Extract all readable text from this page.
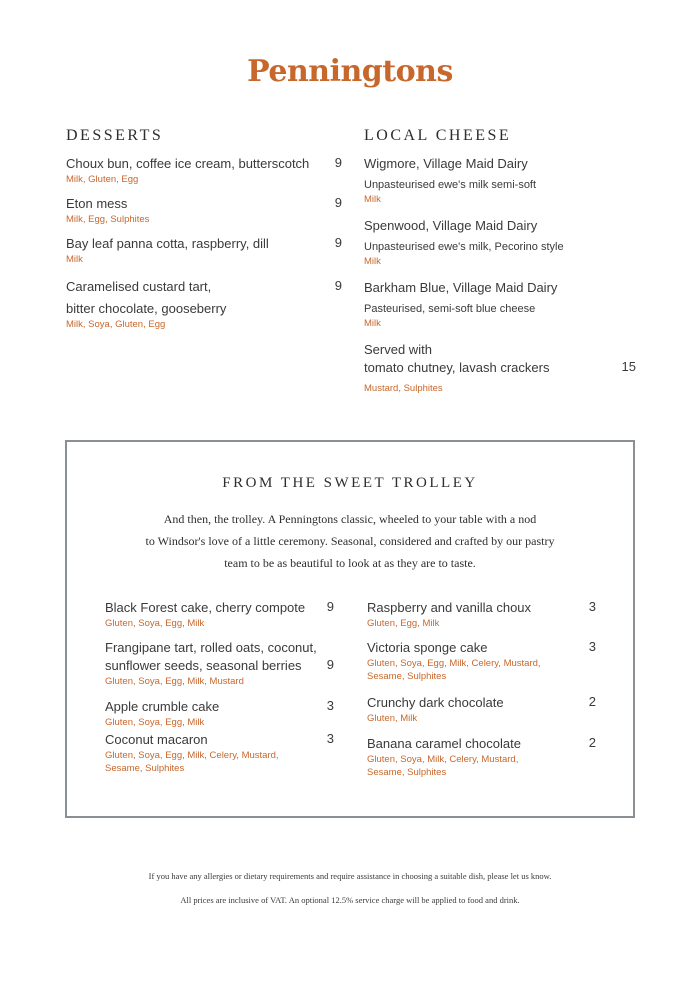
Penningtons
DESSERTS
Choux bun, coffee ice cream, butterscotch
Milk, Gluten, Egg
9
Eton mess
Milk, Egg, Sulphites
9
Bay leaf panna cotta, raspberry, dill
Milk
9
Caramelised custard tart,
bitter chocolate, gooseberry
Milk, Soya, Gluten, Egg
9
LOCAL CHEESE
Wigmore, Village Maid Dairy
Unpasteurised ewe's milk semi-soft
Milk
Spenwood, Village Maid Dairy
Unpasteurised ewe's milk, Pecorino style
Milk
Barkham Blue, Village Maid Dairy
Pasteurised, semi-soft blue cheese
Milk
Served with
tomato chutney, lavash crackers
Mustard, Sulphites
15
FROM THE SWEET TROLLEY
And then, the trolley. A Penningtons classic, wheeled to your table with a nod
to Windsor's love of a little ceremony. Seasonal, considered and crafted by our pastry
team to be as beautiful to look at as they are to taste.
Black Forest cake, cherry compote
Gluten, Soya, Egg, Milk
9
Frangipane tart, rolled oats, coconut,
sunflower seeds, seasonal berries
Gluten, Soya, Egg, Milk, Mustard
9
Apple crumble cake
Gluten, Soya, Egg, Milk
3
Coconut macaron
Gluten, Soya, Egg, Milk, Celery, Mustard,
Sesame, Sulphites
3
Raspberry and vanilla choux
Gluten, Egg, Milk
3
Victoria sponge cake
Gluten, Soya, Egg, Milk, Celery, Mustard,
Sesame, Sulphites
3
Crunchy dark chocolate
Gluten, Milk
2
Banana caramel chocolate
Gluten, Soya, Milk, Celery, Mustard,
Sesame, Sulphites
2
If you have any allergies or dietary requirements and require assistance in choosing a suitable dish, please let us know.
All prices are inclusive of VAT. An optional 12.5% service charge will be applied to food and drink.
